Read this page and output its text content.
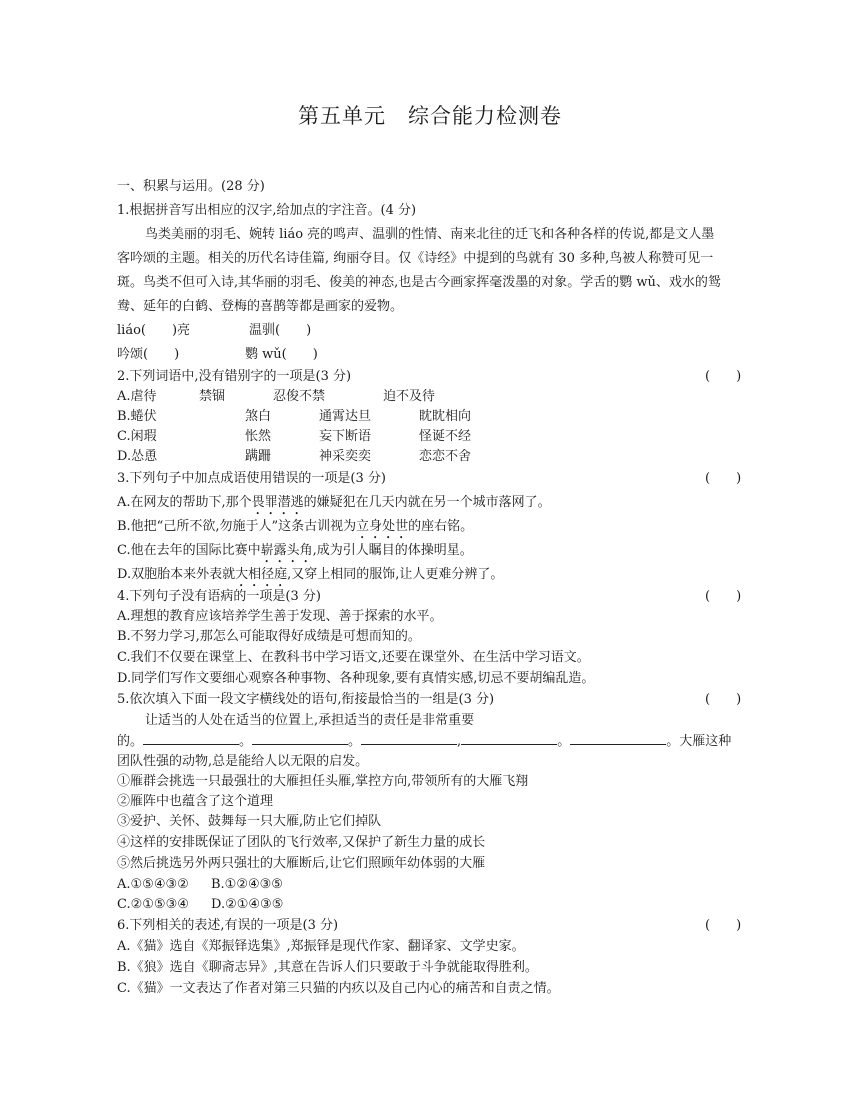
第五单元　综合能力检测卷
一、积累与运用。(28 分)
1.根据拼音写出相应的汉字,给加点的字注音。(4 分)
鸟类美丽的羽毛、婉转 liáo 亮的鸣声、温驯的性情、南来北往的迁飞和各种各样的传说,都是文人墨
客吟颂的主题。相关的历代名诗佳篇, 绚丽夺目。仅《诗经》中提到的鸟就有 30 多种,鸟被人称赞可见一
斑。鸟类不但可入诗,其华丽的羽毛、俊美的神态,也是古今画家挥毫泼墨的对象。学舌的鹦 wǔ、戏水的鸳
鸯、延年的白鹤、登梅的喜鹊等都是画家的爱物。
liáo(　　)亮	温驯(　　)
吟颂(　　)	鹦 wǔ(　　)
2.下列词语中,没有错别字的一项是(3 分)	(　　)
A.虐待	禁锢	忍俊不禁	迫不及待
B.蜷伏	煞白	通霄达旦	眈眈相向
C.闲瑕	怅然	妄下断语	怪诞不经
D.怂恿	蹒跚	神采奕奕	恋恋不舍
3.下列句子中加点成语使用错误的一项是(3 分)	(　　)
A.在网友的帮助下,那个畏罪潜逃的嫌疑犯在几天内就在另一个城市落网了。
B.他把“己所不欲,勿施于人”这条古训视为立身处世的座右铭。
C.他在去年的国际比赛中崭露头角,成为引人瞩目的体操明星。
D.双胞胎本来外表就大相径庭,又穿上相同的服饰,让人更难分辨了。
4.下列句子没有语病的一项是(3 分)	(　　)
A.理想的教育应该培养学生善于发现、善于探索的水平。
B.不努力学习,那怎么可能取得好成绩是可想而知的。
C.我们不仅要在课堂上、在教科书中学习语文,还要在课堂外、在生活中学习语文。
D.同学们写作文要细心观察各种事物、各种现象,要有真情实感,切忌不要胡编乱造。
5.依次填入下面一段文字横线处的语句,衔接最恰当的一组是(3 分)	(　　)
让适当的人处在适当的位置上,承担适当的责任是非常重要
的。	。	。	,	。	。大雁这种
团队性强的动物,总是能给人以无限的启发。
①雁群会挑选一只最强壮的大雁担任头雁,掌控方向,带领所有的大雁飞翔
②雁阵中也蕴含了这个道理
③爱护、关怀、鼓舞每一只大雁,防止它们掉队
④这样的安排既保证了团队的飞行效率,又保护了新生力量的成长
⑤然后挑选另外两只强壮的大雁断后,让它们照顾年幼体弱的大雁
A.①⑤④③② B.①②④③⑤
C.②①⑤③④ D.②①④③⑤
6.下列相关的表述,有误的一项是(3 分)	(　　)
A.《猫》选自《郑振铎选集》,郑振铎是现代作家、翻译家、文学史家。
B.《狼》选自《聊斋志异》,其意在告诉人们只要敢于斗争就能取得胜利。
C.《猫》一文表达了作者对第三只猫的内疚以及自己内心的痛苦和自责之情。
